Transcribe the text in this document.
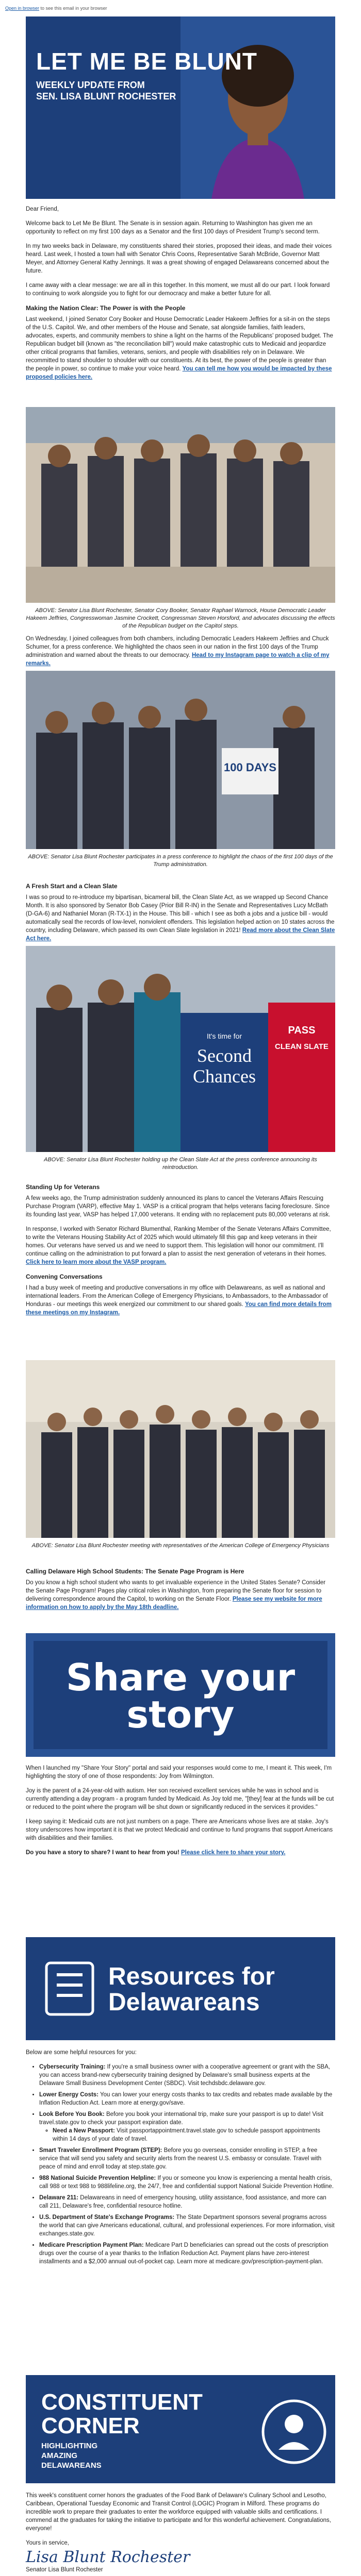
Open in browser to see this email in your browser
LET ME BE BLUNT
WEEKLY UPDATE FROM
SEN. LISA BLUNT ROCHESTER

Dear Friend,

Welcome back to Let Me Be Blunt. The Senate is in session again. Returning to Washington has given me an opportunity to reflect on my first 100 days as a Senator and the first 100 days of President Trump's second term.

In my two weeks back in Delaware, my constituents shared their stories, proposed their ideas, and made their voices heard. Last week, I hosted a town hall with Senator Chris Coons, Representative Sarah McBride, Governor Matt Meyer, and Attorney General Kathy Jennings. It was a great showing of engaged Delawareans concerned about the future.

I came away with a clear message: we are all in this together. In this moment, we must all do our part. I look forward to continuing to work alongside you to fight for our democracy and make a better future for all.

Making the Nation Clear: The Power is with the People

Last weekend, I joined Senator Cory Booker and House Democratic Leader Hakeem Jeffries for a sit-in on the steps of the U.S. Capitol. We, and other members of the House and Senate, sat alongside families, faith leaders, advocates, experts, and community members to shine a light on the harms of the Republicans' proposed budget. The Republican budget bill (known as "the reconciliation bill") would make catastrophic cuts to Medicaid and jeopardize other critical programs that families, veterans, seniors, and people with disabilities rely on in Delaware. We recommitted to stand shoulder to shoulder with our constituents. At its best, the power of the people is greater than the people in power, so continue to make your voice heard. You can tell me how you would be impacted by these proposed policies here.

ABOVE: Senator Lisa Blunt Rochester, Senator Cory Booker, Senator Raphael Warnock, House Democratic Leader Hakeem Jeffries, Congresswoman Jasmine Crockett, Congressman Steven Horsford, and advocates discussing the effects of the Republican budget on the Capitol steps.

On Wednesday, I joined colleagues from both chambers, including Democratic Leaders Hakeem Jeffries and Chuck Schumer, for a press conference. We highlighted the chaos seen in our nation in the first 100 days of the Trump administration and warned about the threats to our democracy. Head to my Instagram page to watch a clip of my remarks.

100 DAYS
ABOVE: Senator Lisa Blunt Rochester participates in a press conference to highlight the chaos of the first 100 days of the Trump administration.
A Fresh Start and a Clean Slate

I was so proud to re-introduce my bipartisan, bicameral bill, the Clean Slate Act, as we wrapped up Second Chance Month. It is also sponsored by Senator Bob Casey (Prior Bill R-IN) in the Senate and Representatives Lucy McBath (D-GA-6) and Nathaniel Moran (R-TX-1) in the House. This bill - which I see as both a jobs and a justice bill - would automatically seal the records of low-level, nonviolent offenders. This legislation helped action on 10 states across the country, including Delaware, which passed its own Clean Slate legislation in 2021! Read more about the Clean Slate Act here.

It's time for
Second
Chances
PASS
CLEAN SLATE
ABOVE: Senator Lisa Blunt Rochester holding up the Clean Slate Act at the press conference announcing its reintroduction.
Standing Up for Veterans

A few weeks ago, the Trump administration suddenly announced its plans to cancel the Veterans Affairs Rescuing Purchase Program (VARP), effective May 1. VASP is a critical program that helps veterans facing foreclosure. Since its founding last year, VASP has helped 17,000 veterans. It ending with no replacement puts 80,000 veterans at risk.

In response, I worked with Senator Richard Blumenthal, Ranking Member of the Senate Veterans Affairs Committee, to write the Veterans Housing Stability Act of 2025 which would ultimately fill this gap and keep veterans in their homes. Our veterans have served us and we need to support them. This legislation will honor our commitment. I'll continue calling on the administration to put forward a plan to assist the next generation of veterans in their homes. Click here to learn more about the VASP program.

Convening Conversations

I had a busy week of meeting and productive conversations in my office with Delawareans, as well as national and international leaders. From the American College of Emergency Physicians, to Ambassadors, to the Ambassador of Honduras - our meetings this week energized our commitment to our shared goals. You can find more details from these meetings on my Instagram.

ABOVE: Senator Lisa Blunt Rochester meeting with representatives of the American College of Emergency Physicians
Calling Delaware High School Students: The Senate Page Program is Here

Do you know a high school student who wants to get invaluable experience in the United States Senate? Consider the Senate Page Program! Pages play critical roles in Washington, from preparing the Senate floor for session to delivering correspondence around the Capitol, to working on the Senate Floor. Please see my website for more information on how to apply by the May 18th deadline.

Share your
story

When I launched my "Share Your Story" portal and said your responses would come to me, I meant it. This week, I'm highlighting the story of one of those respondents: Joy from Wilmington.

Joy is the parent of a 24-year-old with autism. Her son received excellent services while he was in school and is currently attending a day program - a program funded by Medicaid. As Joy told me, "[they] fear at the funds will be cut or reduced to the point where the program will be shut down or significantly reduced in the services it provides."

I keep saying it: Medicaid cuts are not just numbers on a page. There are Americans whose lives are at stake. Joy's story underscores how important it is that we protect Medicaid and continue to fund programs that support Americans with disabilities and their families.

Do you have a story to share? I want to hear from you! Please click here to share your story.

Resources for
Delawareans

Below are some helpful resources for you:

• Cybersecurity Training: If you're a small business owner with a cooperative agreement or grant with the SBA, you can access brand-new cybersecurity training designed by Delaware's small business experts at the Delaware Small Business Development Center (SBDC). Visit techdsbdc.delaware.gov.
• Lower Energy Costs: You can lower your energy costs thanks to tax credits and rebates made available by the Inflation Reduction Act. Learn more at energy.gov/save.
• Look Before You Book: Before you book your international trip, make sure your passport is up to date! Visit travel.state.gov to check your passport expiration date.
◦ Need a New Passport: Visit passportappointment.travel.state.gov to schedule passport appointments within 14 days of your date of travel.
• Smart Traveler Enrollment Program (STEP): Before you go overseas, consider enrolling in STEP, a free service that will send you safety and security alerts from the nearest U.S. embassy or consulate. Travel with peace of mind and enroll today at step.state.gov.
• 988 National Suicide Prevention Helpline: If you or someone you know is experiencing a mental health crisis, call 988 or text 988 to 988lifeline.org, the 24/7, free and confidential support National Suicide Prevention Hotline.
• Delaware 211: Delawareans in need of emergency housing, utility assistance, food assistance, and more can call 211, Delaware's free, confidential resource hotline.
• U.S. Department of State's Exchange Programs: The State Department sponsors several programs across the world that can give Americans educational, cultural, and professional experiences. For more information, visit exchanges.state.gov.
• Medicare Prescription Payment Plan: Medicare Part D beneficiaries can spread out the costs of prescription drugs over the course of a year thanks to the Inflation Reduction Act. Payment plans have zero-interest installments and a $2,000 annual out-of-pocket cap. Learn more at medicare.gov/prescription-payment-plan.
CONSTITUENT
CORNER
HIGHLIGHTING
AMAZING
DELAWAREANS

This week's constituent corner honors the graduates of the Food Bank of Delaware's Culinary School and Lesotho, Caribbean, Operational Tuesday Economic and Transit Control (LOGIC) Program in Milford. These programs do incredible work to prepare their graduates to enter the workforce equipped with valuable skills and certifications. I commend at the graduates for taking the initiative to participate and for this wonderful achievement. Congratulations, everyone!

Yours in service,

Lisa Blunt Rochester

Senator Lisa Blunt Rochester
